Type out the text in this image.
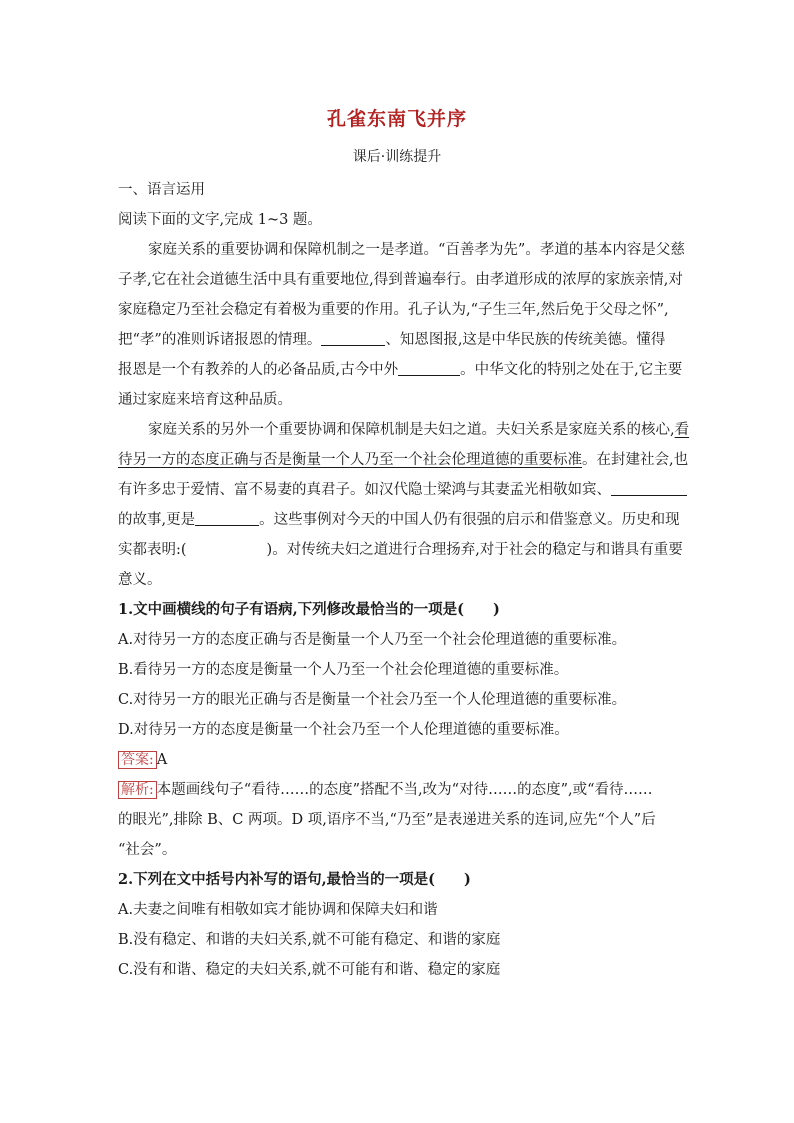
孔雀东南飞并序
课后·训练提升
一、语言运用
阅读下面的文字,完成 1~3 题。
家庭关系的重要协调和保障机制之一是孝道。“百善孝为先”。孝道的基本内容是父慈
子孝,它在社会道德生活中具有重要地位,得到普遍奉行。由孝道形成的浓厚的家族亲情,对
家庭稳定乃至社会稳定有着极为重要的作用。孔子认为,“子生三年,然后免于父母之怀”,
把“孝”的准则诉诸报恩的情理。	、知恩图报,这是中华民族的传统美德。懂得
报恩是一个有教养的人的必备品质,古今中外	。中华文化的特别之处在于,它主要
通过家庭来培育这种品质。
家庭关系的另外一个重要协调和保障机制是夫妇之道。夫妇关系是家庭关系的核心,看
待另一方的态度正确与否是衡量一个人乃至一个社会伦理道德的重要标准。在封建社会,也
有许多忠于爱情、富不易妻的真君子。如汉代隐士梁鸿与其妻孟光相敬如宾、
的故事,更是	。这些事例对今天的中国人仍有很强的启示和借鉴意义。历史和现
实都表明:(	)。对传统夫妇之道进行合理扬弃,对于社会的稳定与和谐具有重要
意义。
1.文中画横线的句子有语病,下列修改最恰当的一项是(　　)
A.对待另一方的态度正确与否是衡量一个人乃至一个社会伦理道德的重要标准。
B.看待另一方的态度是衡量一个人乃至一个社会伦理道德的重要标准。
C.对待另一方的眼光正确与否是衡量一个社会乃至一个人伦理道德的重要标准。
D.对待另一方的态度是衡量一个社会乃至一个人伦理道德的重要标准。
答案: A
解析: 本题画线句子“看待……的态度”搭配不当,改为“对待……的态度”,或“看待……
的眼光”,排除 B、C 两项。D 项,语序不当,“乃至”是表递进关系的连词,应先“个人”后
“社会”。
2.下列在文中括号内补写的语句,最恰当的一项是(　　)
A.夫妻之间唯有相敬如宾才能协调和保障夫妇和谐
B.没有稳定、和谐的夫妇关系,就不可能有稳定、和谐的家庭
C.没有和谐、稳定的夫妇关系,就不可能有和谐、稳定的家庭
